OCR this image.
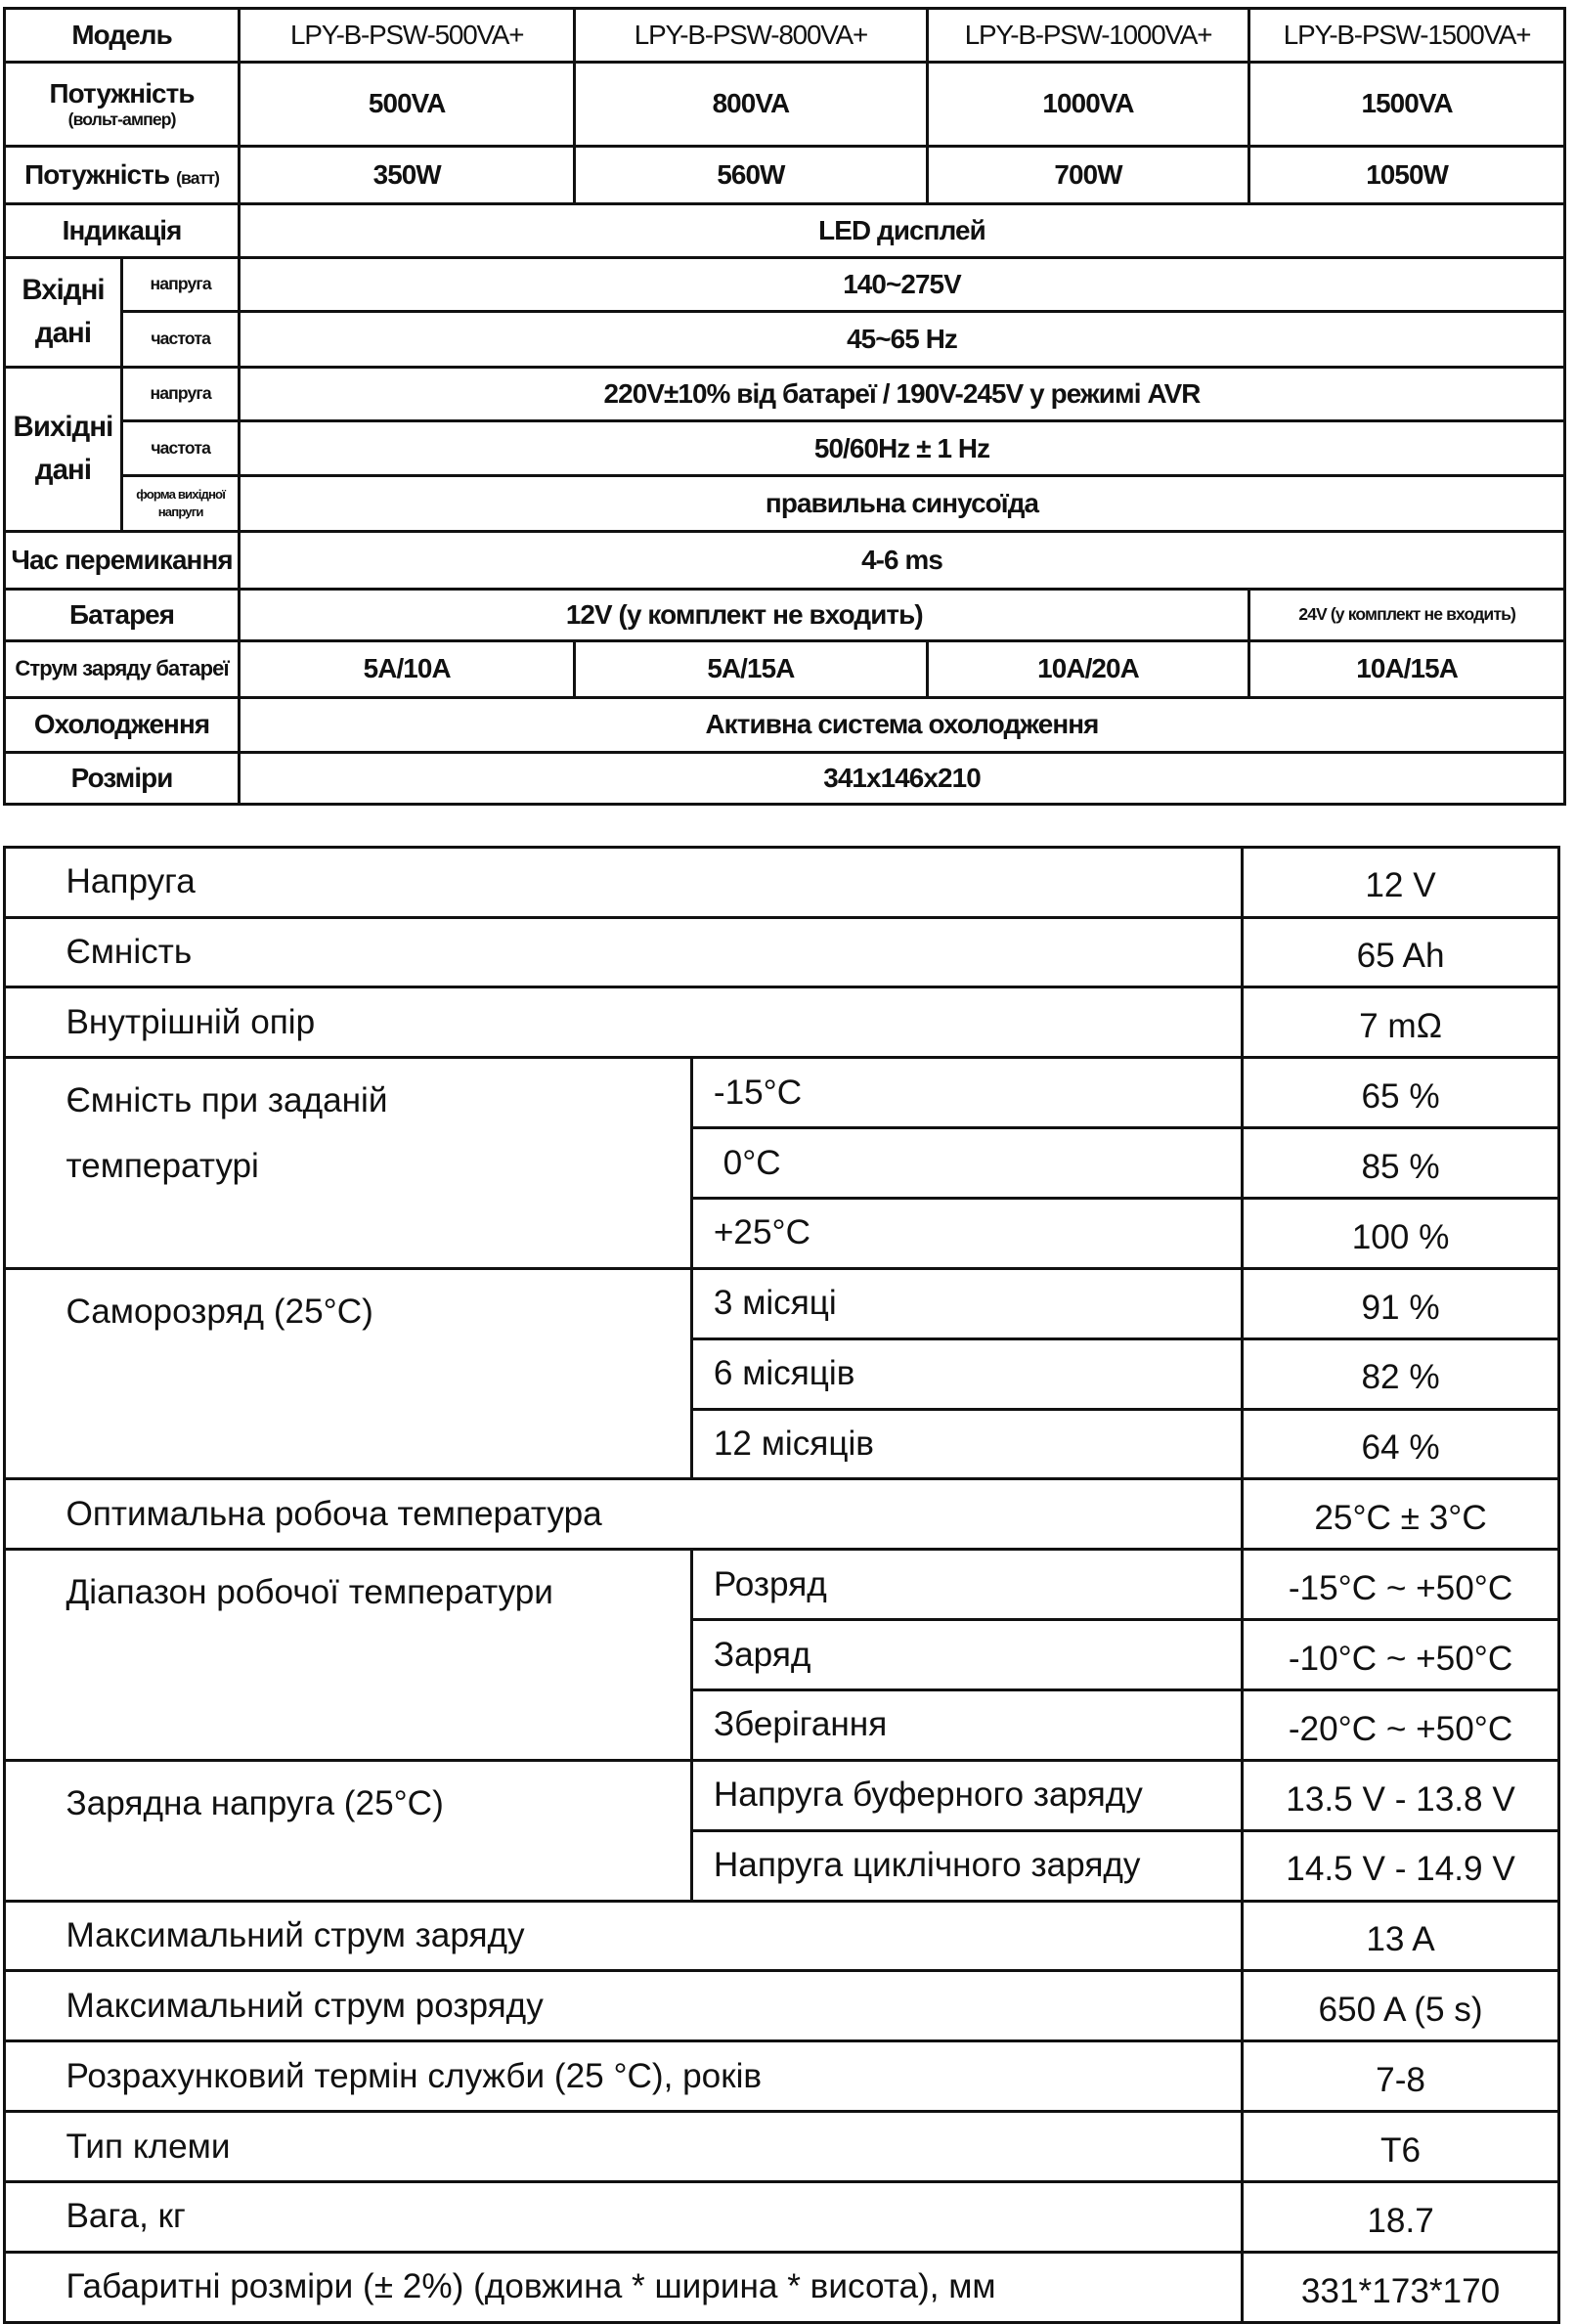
Модель		LPY-B-PSW-500VA+	LPY-B-PSW-800VA+	LPY-B-PSW-1000VA+	LPY-B-PSW-1500VA+

Потужність
(вольт-ампер)		500VA	800VA	1000VA	1500VA
Потужність (ватт)		350W	560W	700W	1050W
Індикація		LED дисплей			
Вхідні дані	напруга	140~275V			
	частота	45~65 Hz			
Вихідні дані	напруга	220V±10% від батареї / 190V-245V у режимі AVR			
	частота	50/60Hz ± 1 Hz			
	форма вихідної напруги	правильна синусоїда			
Час перемикання		4-6 ms			
Батарея		12V (у комплект не входить)			24V (у комплект не входить)
Струм заряду батареї		5A/10A	5A/15A	10A/20A	10A/15A
Охолодження		Активна система охолодження			
Розміри		341x146x210			
Напруга		12 V
Ємність		65 Ah
Внутрішній опір		7 mΩ
Ємність при заданій температурі	-15°C	65 %
	0°C	85 %
	+25°C	100 %
Саморозряд (25°C)	3 місяці	91 %
	6 місяців	82 %
	12 місяців	64 %
Оптимальна робоча температура		25°C ± 3°C
Діапазон робочої температури	Розряд	-15°C ~ +50°C
	Заряд	-10°C ~ +50°C
	Зберігання	-20°C ~ +50°C
Зарядна напруга (25°C)	Напруга буферного заряду	13.5 V - 13.8 V
	Напруга циклічного заряду	14.5 V - 14.9 V
Максимальний струм заряду		13 A
Максимальний струм розряду		650 A (5 s)
Розрахунковий термін служби (25 °C), років		7-8
Тип клеми		T6
Вага, кг		18.7
Габаритні розміри (± 2%) (довжина * ширина * висота), мм		331*173*170
